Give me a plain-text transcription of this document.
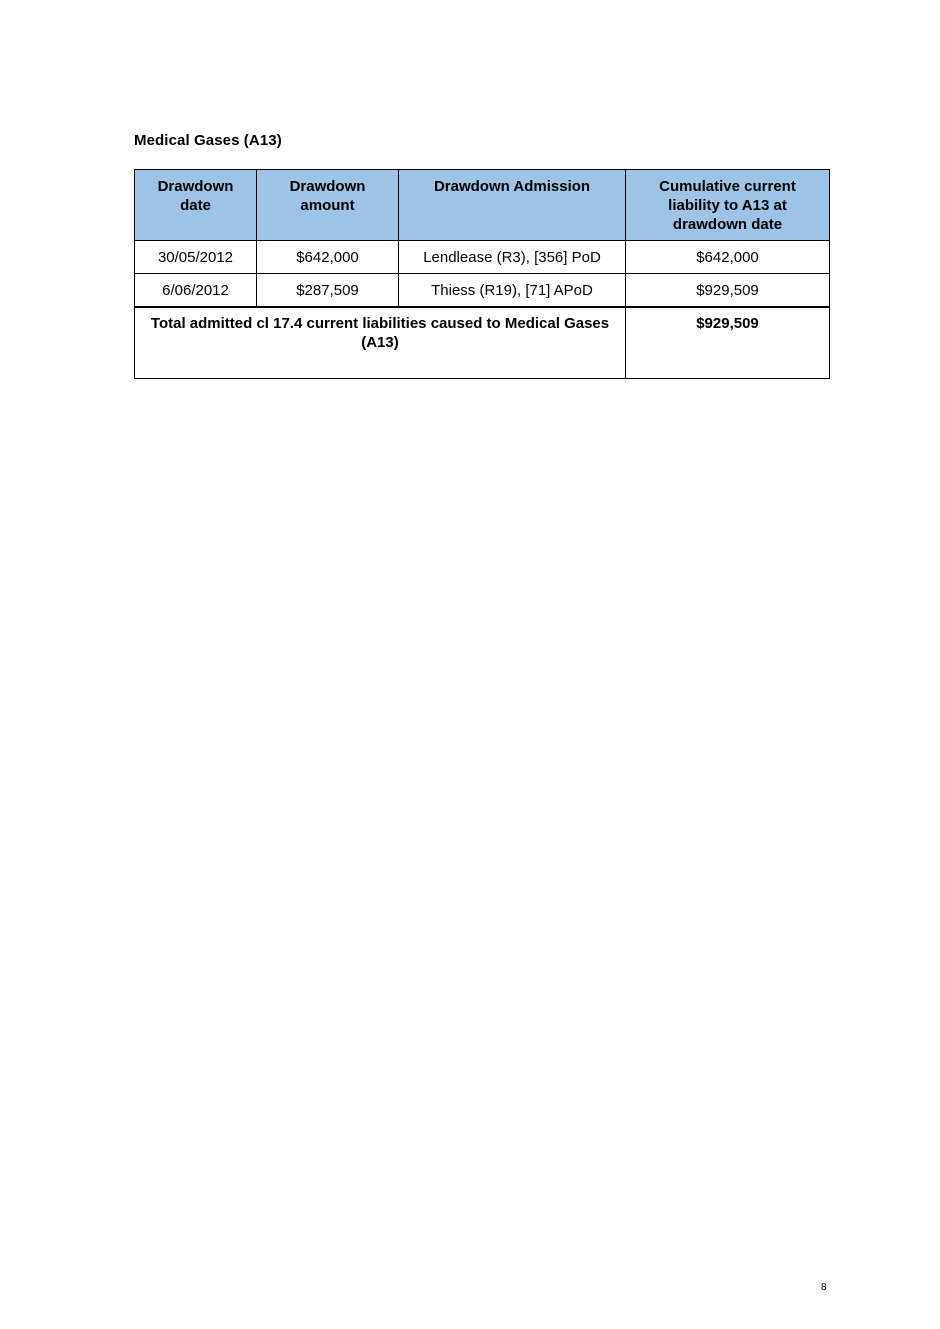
Medical Gases (A13)
Drawdown date	Drawdown amount	Drawdown Admission	Cumulative current liability to A13 at drawdown date
30/05/2012	$642,000	Lendlease (R3), [356] PoD	$642,000
6/06/2012	$287,509	Thiess (R19), [71] APoD	$929,509
Total admitted cl 17.4 current liabilities caused to Medical Gases (A13)			$929,509
8
